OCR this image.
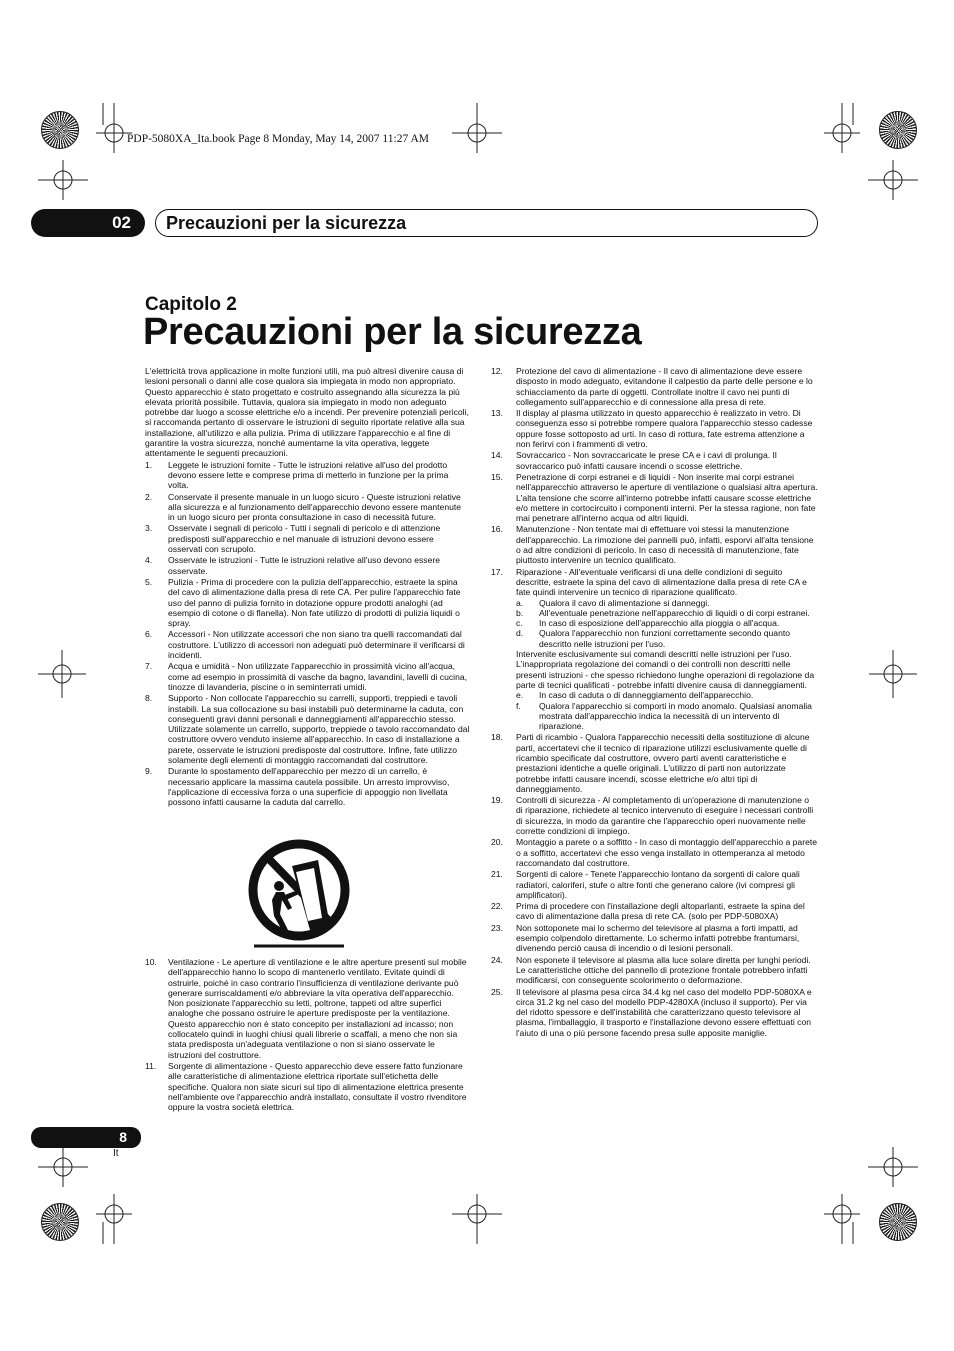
PDP-5080XA_Ita.book Page 8 Monday, May 14, 2007 11:27 AM
02	Precauzioni per la sicurezza
Capitolo 2
Precauzioni per la sicurezza

L'elettricità trova applicazione in molte funzioni utili, ma può altresì divenire causa di lesioni personali o danni alle cose qualora sia impiegata in modo non appropriato. Questo apparecchio è stato progettato e costruito assegnando alla sicurezza la più elevata priorità possibile. Tuttavia, qualora sia impiegato in modo non adeguato potrebbe dar luogo a scosse elettriche e/o a incendi. Per prevenire potenziali pericoli, si raccomanda pertanto di osservare le istruzioni di seguito riportate relative alla sua installazione, all'utilizzo e alla pulizia. Prima di utilizzare l'apparecchio e al fine di garantire la vostra sicurezza, nonché aumentarne la vita operativa, leggete attentamente le seguenti precauzioni.

1. Leggete le istruzioni fornite - Tutte le istruzioni relative all'uso del prodotto devono essere lette e comprese prima di metterlo in funzione per la prima volta.
2. Conservate il presente manuale in un luogo sicuro - Queste istruzioni relative alla sicurezza e al funzionamento dell'apparecchio devono essere mantenute in un luogo sicuro per pronta consultazione in caso di necessità future.
3. Osservate i segnali di pericolo - Tutti i segnali di pericolo e di attenzione predisposti sull'apparecchio e nel manuale di istruzioni devono essere osservati con scrupolo.
4. Osservate le istruzioni - Tutte le istruzioni relative all'uso devono essere osservate.
5. Pulizia - Prima di procedere con la pulizia dell'apparecchio, estraete la spina del cavo di alimentazione dalla presa di rete CA. Per pulire l'apparecchio fate uso del panno di pulizia fornito in dotazione oppure prodotti analoghi (ad esempio di cotone o di flanella). Non fate utilizzo di prodotti di pulizia liquidi o spray.
6. Accessori - Non utilizzate accessori che non siano tra quelli raccomandati dal costruttore. L'utilizzo di accessori non adeguati può determinare il verificarsi di incidenti.
7. Acqua e umidità - Non utilizzate l'apparecchio in prossimità vicino all'acqua, come ad esempio in prossimità di vasche da bagno, lavandini, lavelli di cucina, tinozze di lavanderia, piscine o in seminterrati umidi.
8. Supporto - Non collocate l'apparecchio su carrelli, supporti, treppiedi e tavoli instabili. La sua collocazione su basi instabili può determinarne la caduta, con conseguenti gravi danni personali e danneggiamenti all'apparecchio stesso. Utilizzate solamente un carrello, supporto, treppiede o tavolo raccomandato dal costruttore ovvero venduto insieme all'apparecchio. In caso di installazione a parete, osservate le istruzioni predisposte dal costruttore. Infine, fate utilizzo solamente degli elementi di montaggio raccomandati dal costruttore.
9. Durante lo spostamento dell'apparecchio per mezzo di un carrello, è necessario applicare la massima cautela possibile. Un arresto improvviso, l'applicazione di eccessiva forza o una superficie di appoggio non livellata possono infatti causarne la caduta dal carrello.
10. Ventilazione - Le aperture di ventilazione e le altre aperture presenti sul mobile dell'apparecchio hanno lo scopo di mantenerlo ventilato. Evitate quindi di ostruirle, poiché in caso contrario l'insufficienza di ventilazione derivante può generare surriscaldamenti e/o abbreviare la vita operativa dell'apparecchio. Non posizionate l'apparecchio su letti, poltrone, tappeti od altre superfici analoghe che possano ostruire le aperture predisposte per la ventilazione. Questo apparecchio non è stato concepito per installazioni ad incasso; non collocatelo quindi in luoghi chiusi quali librerie o scaffali, a meno che non sia stata predisposta un'adeguata ventilazione o non si siano osservate le istruzioni del costruttore.
11. Sorgente di alimentazione - Questo apparecchio deve essere fatto funzionare alle caratteristiche di alimentazione elettrica riportate sull'etichetta delle specifiche. Qualora non siate sicuri sul tipo di alimentazione elettrica presente nell'ambiente ove l'apparecchio andrà installato, consultate il vostro rivenditore oppure la vostra società elettrica.
12. Protezione del cavo di alimentazione - Il cavo di alimentazione deve essere disposto in modo adeguato, evitandone il calpestio da parte delle persone e lo schiacciamento da parte di oggetti. Controllate inoltre il cavo nei punti di collegamento sull'apparecchio e di connessione alla presa di rete.
13. Il display al plasma utilizzato in questo apparecchio è realizzato in vetro. Di conseguenza esso si potrebbe rompere qualora l'apparecchio stesso cadesse oppure fosse sottoposto ad urti. In caso di rottura, fate estrema attenzione a non ferirvi con i frammenti di vetro.
14. Sovraccarico - Non sovraccaricate le prese CA e i cavi di prolunga. Il sovraccarico può infatti causare incendi o scosse elettriche.
15. Penetrazione di corpi estranei e di liquidi - Non inserite mai corpi estranei nell'apparecchio attraverso le aperture di ventilazione o qualsiasi altra apertura. L'alta tensione che scorre all'interno potrebbe infatti causare scosse elettriche e/o mettere in cortocircuito i componenti interni. Per la stessa ragione, non fate mai penetrare all'interno acqua od altri liquidi.
16. Manutenzione - Non tentate mai di effettuare voi stessi la manutenzione dell'apparecchio. La rimozione dei pannelli può, infatti, esporvi all'alta tensione o ad altre condizioni di pericolo. In caso di necessità di manutenzione, fate piuttosto intervenire un tecnico qualificato.
17. Riparazione - All'eventuale verificarsi di una delle condizioni di seguito descritte, estraete la spina del cavo di alimentazione dalla presa di rete CA e fate quindi intervenire un tecnico di riparazione qualificato.
a. Qualora il cavo di alimentazione si danneggi.
b. All'eventuale penetrazione nell'apparecchio di liquidi o di corpi estranei.
c. In caso di esposizione dell'apparecchio alla pioggia o all'acqua.
d. Qualora l'apparecchio non funzioni correttamente secondo quanto descritto nelle istruzioni per l'uso.

Intervenite esclusivamente sui comandi descritti nelle istruzioni per l'uso. L'inappropriata regolazione dei comandi o dei controlli non descritti nelle presenti istruzioni - che spesso richiedono lunghe operazioni di regolazione da parte di tecnici qualificati - potrebbe infatti divenire causa di danneggiamenti.

e. In caso di caduta o di danneggiamento dell'apparecchio.
f. Qualora l'apparecchio si comporti in modo anomalo. Qualsiasi anomalia mostrata dall'apparecchio indica la necessità di un intervento di riparazione.
18. Parti di ricambio - Qualora l'apparecchio necessiti della sostituzione di alcune parti, accertatevi che il tecnico di riparazione utilizzi esclusivamente quelle di ricambio specificate dal costruttore, ovvero parti aventi caratteristiche e prestazioni identiche a quelle originali. L'utilizzo di parti non autorizzate potrebbe infatti causare incendi, scosse elettriche e/o altri tipi di danneggiamento.
19. Controlli di sicurezza - Al completamento di un'operazione di manutenzione o di riparazione, richiedete al tecnico intervenuto di eseguire i necessari controlli di sicurezza, in modo da garantire che l'apparecchio operi nuovamente nelle corrette condizioni di impiego.
20. Montaggio a parete o a soffitto - In caso di montaggio dell'apparecchio a parete o a soffitto, accertatevi che esso venga installato in ottemperanza al metodo raccomandato dal costruttore.
21. Sorgenti di calore - Tenete l'apparecchio lontano da sorgenti di calore quali radiatori, caloriferi, stufe o altre fonti che generano calore (ivi compresi gli amplificatori).
22. Prima di procedere con l'installazione degli altoparlanti, estraete la spina del cavo di alimentazione dalla presa di rete CA. (solo per PDP-5080XA)
23. Non sottoponete mai lo schermo del televisore al plasma a forti impatti, ad esempio colpendolo direttamente. Lo schermo infatti potrebbe frantumarsi, divenendo perciò causa di incendio o di lesioni personali.
24. Non esponete il televisore al plasma alla luce solare diretta per lunghi periodi. Le caratteristiche ottiche del pannello di protezione frontale potrebbero infatti modificarsi, con conseguente scolorimento o deformazione.
25. Il televisore al plasma pesa circa 34.4 kg nel caso del modello PDP-5080XA e circa 31.2 kg nel caso del modello PDP-4280XA (incluso il supporto). Per via del ridotto spessore e dell'instabilità che caratterizzano questo televisore al plasma, l'imballaggio, il trasporto e l'installazione devono essere effettuati con l'aiuto di una o più persone facendo presa sulle apposite maniglie.
8
It
